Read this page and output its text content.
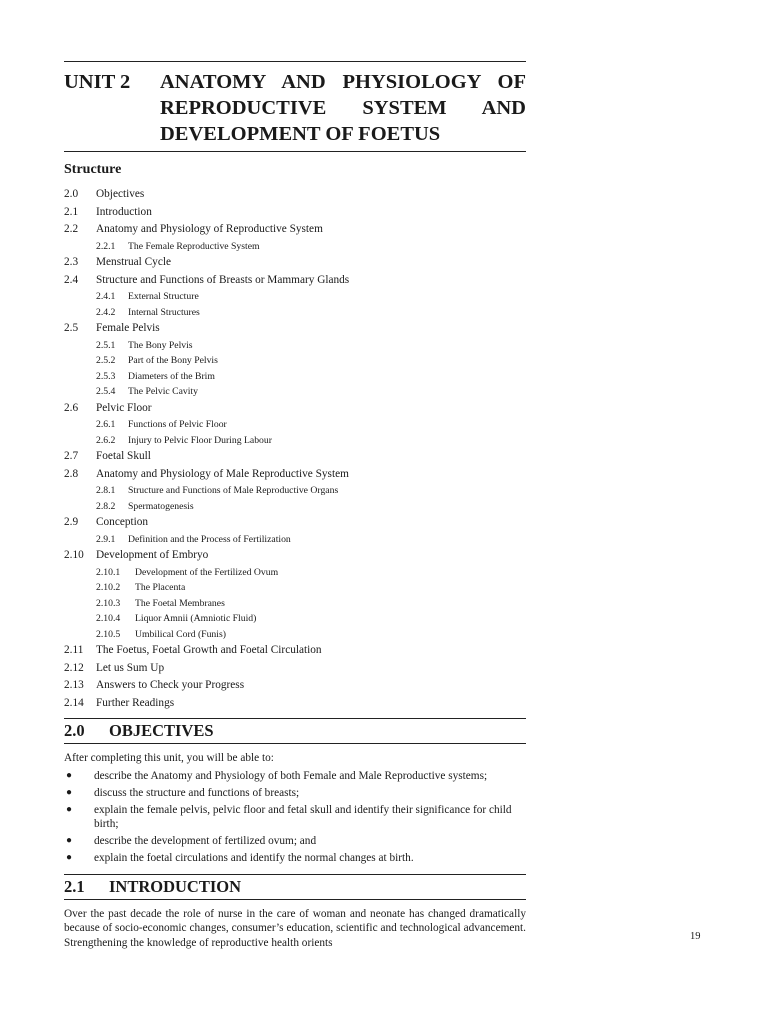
UNIT 2	ANATOMY AND PHYSIOLOGY OF
REPRODUCTIVE SYSTEM AND
DEVELOPMENT OF FOETUS
Structure
2.0	Objectives
2.1	Introduction
2.2	Anatomy and Physiology of Reproductive System
2.2.1	The Female Reproductive System
2.3	Menstrual Cycle
2.4	Structure and Functions of Breasts or Mammary Glands
2.4.1	External Structure
2.4.2	Internal Structures
2.5	Female Pelvis
2.5.1	The Bony Pelvis
2.5.2	Part of the Bony Pelvis
2.5.3	Diameters of the Brim
2.5.4	The Pelvic Cavity
2.6	Pelvic Floor
2.6.1	Functions of Pelvic Floor
2.6.2	Injury to Pelvic Floor During Labour
2.7	Foetal Skull
2.8	Anatomy and Physiology of Male Reproductive System
2.8.1	Structure and Functions of Male Reproductive Organs
2.8.2	Spermatogenesis
2.9	Conception
2.9.1	Definition and the Process of Fertilization
2.10	Development of Embryo
2.10.1	Development of the Fertilized Ovum
2.10.2	The Placenta
2.10.3	The Foetal Membranes
2.10.4	Liquor Amnii (Amniotic Fluid)
2.10.5	Umbilical Cord (Funis)
2.11	The Foetus, Foetal Growth and Foetal Circulation
2.12	Let us Sum Up
2.13	Answers to Check your Progress
2.14	Further Readings
2.0	OBJECTIVES
After completing this unit, you will be able to:
●	describe the Anatomy and Physiology of both Female and Male Reproductive systems;
●	discuss the structure and functions of breasts;
●	explain the female pelvis, pelvic floor and fetal skull and identify their significance for child birth;
●	describe the development of fertilized ovum; and
●	explain the foetal circulations and identify the normal changes at birth.
2.1	INTRODUCTION
Over the past decade the role of nurse in the care of woman and neonate has changed dramatically because of socio-economic changes, consumer’s education, scientific and technological advancement. Strengthening the knowledge of reproductive health orients
19
